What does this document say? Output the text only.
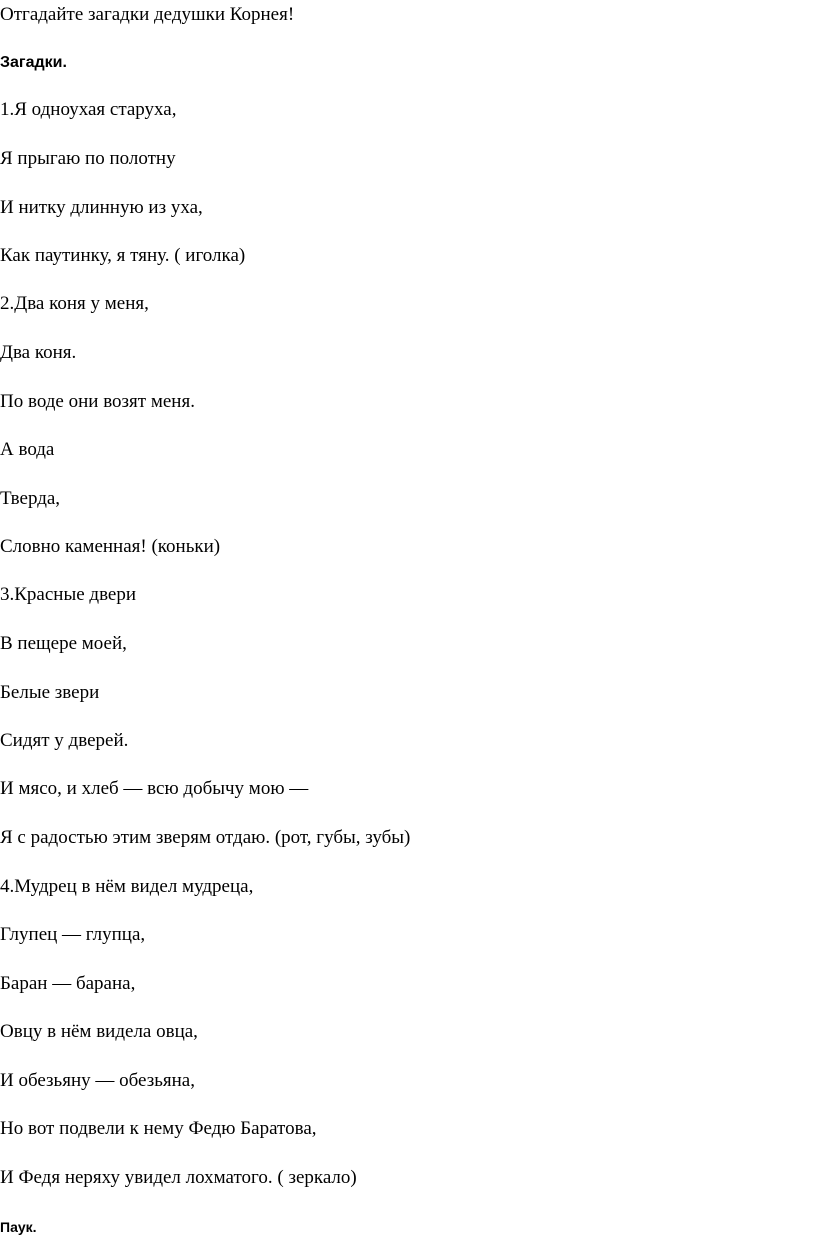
Отгадайте загадки дедушки Корнея!
Загадки.
1.Я одноухая старуха,
Я прыгаю по полотну
И нитку длинную из уха,
Как паутинку, я тяну. ( иголка)
2.Два коня у меня,
Два коня.
По воде они возят меня.
А вода
Тверда,
Словно каменная! (коньки)
3.Красные двери
В пещере моей,
Белые звери
Сидят у дверей.
И мясо, и хлеб — всю добычу мою —
Я с радостью этим зверям отдаю. (рот, губы, зубы)
4.Мудрец в нём видел мудреца,
Глупец — глупца,
Баран — барана,
Овцу в нём видела овца,
И обезьяну — обезьяна,
Но вот подвели к нему Федю Баратова,
И Федя неряху увидел лохматого. ( зеркало)
Паук.
